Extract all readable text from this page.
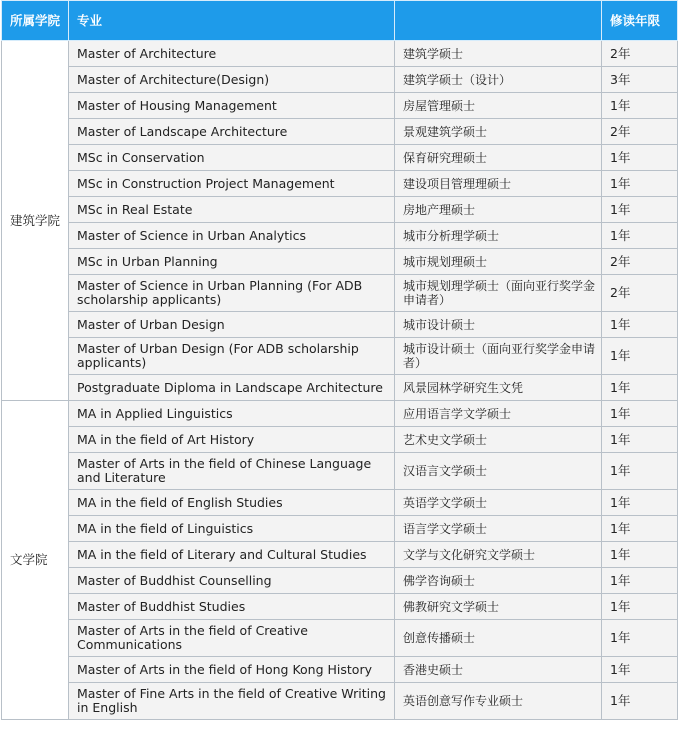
所属学院	专业		修读年限
建筑学院	Master of Architecture	建筑学硕士	2年
	Master of Architecture(Design)	建筑学硕士（设计）	3年
	Master of Housing Management	房屋管理硕士	1年
	Master of Landscape Architecture	景观建筑学硕士	2年
	MSc in Conservation	保育研究理硕士	1年
	MSc in Construction Project Management	建设项目管理理硕士	1年
	MSc in Real Estate	房地产理硕士	1年
	Master of Science in Urban Analytics	城市分析理学硕士	1年
	MSc in Urban Planning	城市规划理硕士	2年
	Master of Science in Urban Planning (For ADB scholarship applicants)	城市规划理学硕士（面向亚行奖学金申请者）	2年
	Master of Urban Design	城市设计硕士	1年
	Master of Urban Design (For ADB scholarship applicants)	城市设计硕士（面向亚行奖学金申请者）	1年
	Postgraduate Diploma in Landscape Architecture	风景园林学研究生文凭	1年
文学院	MA in Applied Linguistics	应用语言学文学硕士	1年
	MA in the field of Art History	艺术史文学硕士	1年
	Master of Arts in the field of Chinese Language and Literature	汉语言文学硕士	1年
	MA in the field of English Studies	英语学文学硕士	1年
	MA in the field of Linguistics	语言学文学硕士	1年
	MA in the field of Literary and Cultural Studies	文学与文化研究文学硕士	1年
	Master of Buddhist Counselling	佛学咨询硕士	1年
	Master of Buddhist Studies	佛教研究文学硕士	1年
	Master of Arts in the field of Creative Communications	创意传播硕士	1年
	Master of Arts in the field of Hong Kong History	香港史硕士	1年
	Master of Fine Arts in the field of Creative Writing in English	英语创意写作专业硕士	1年
